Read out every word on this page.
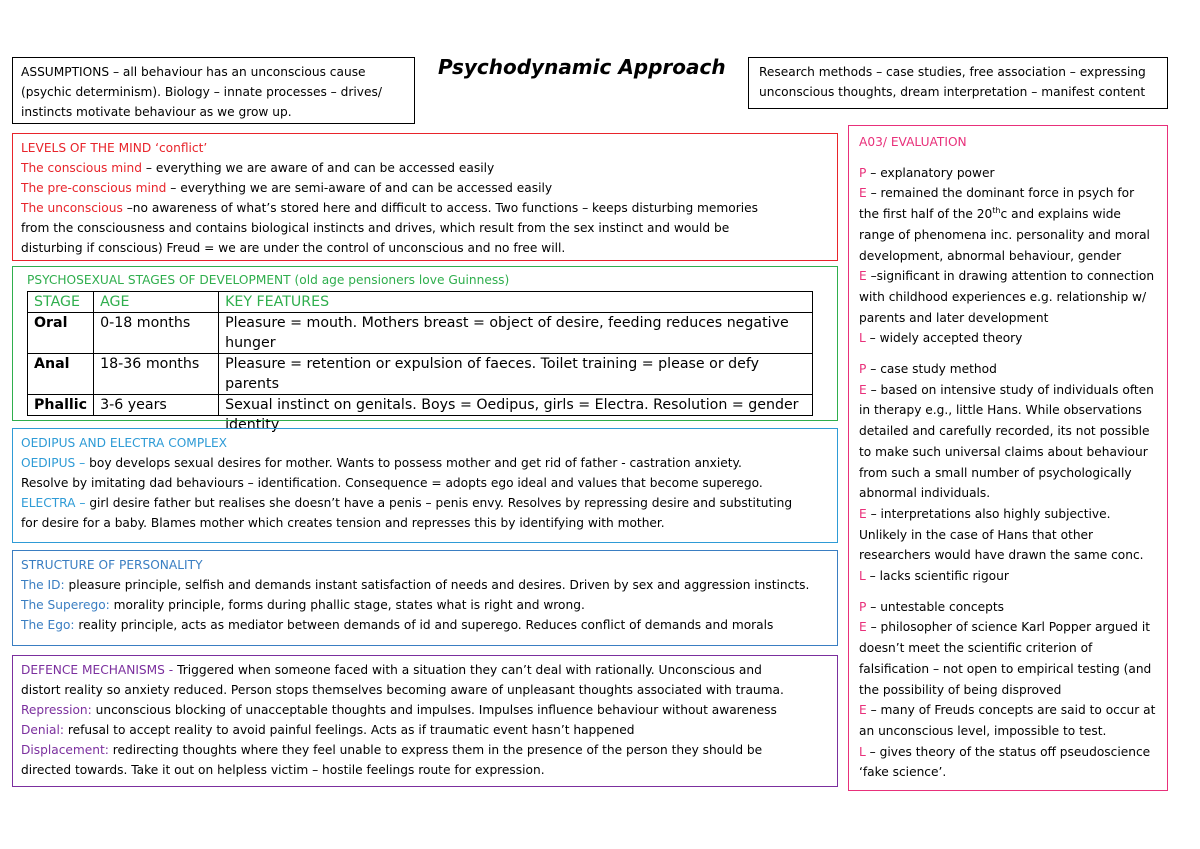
Psychodynamic Approach
ASSUMPTIONS – all behaviour has an unconscious cause
(psychic determinism). Biology – innate processes – drives/
instincts motivate behaviour as we grow up.
Research methods – case studies, free association – expressing
unconscious thoughts, dream interpretation – manifest content
LEVELS OF THE MIND ‘conflict’
The conscious mind – everything we are aware of and can be accessed easily
The pre-conscious mind – everything we are semi-aware of and can be accessed easily
The unconscious –no awareness of what’s stored here and difficult to access. Two functions – keeps disturbing memories
from the consciousness and contains biological instincts and drives, which result from the sex instinct and would be
disturbing if conscious) Freud = we are under the control of unconscious and no free will.
PSYCHOSEXUAL STAGES OF DEVELOPMENT (old age pensioners love Guinness)
STAGE	AGE	KEY FEATURES
Oral	0-18 months	Pleasure = mouth. Mothers breast = object of desire, feeding reduces negative
hunger

Anal	18-36 months	Pleasure = retention or expulsion of faeces. Toilet training = please or defy
parents

Phallic	3-6 years	Sexual instinct on genitals. Boys = Oedipus, girls = Electra. Resolution = gender
identity
OEDIPUS AND ELECTRA COMPLEX
OEDIPUS – boy develops sexual desires for mother. Wants to possess mother and get rid of father - castration anxiety.
Resolve by imitating dad behaviours – identification. Consequence = adopts ego ideal and values that become superego.
ELECTRA – girl desire father but realises she doesn’t have a penis – penis envy. Resolves by repressing desire and substituting
for desire for a baby. Blames mother which creates tension and represses this by identifying with mother.
STRUCTURE OF PERSONALITY
The ID: pleasure principle, selfish and demands instant satisfaction of needs and desires. Driven by sex and aggression instincts.
The Superego: morality principle, forms during phallic stage, states what is right and wrong.
The Ego: reality principle, acts as mediator between demands of id and superego. Reduces conflict of demands and morals
DEFENCE MECHANISMS - Triggered when someone faced with a situation they can’t deal with rationally. Unconscious and
distort reality so anxiety reduced. Person stops themselves becoming aware of unpleasant thoughts associated with trauma.
Repression: unconscious blocking of unacceptable thoughts and impulses. Impulses influence behaviour without awareness
Denial: refusal to accept reality to avoid painful feelings. Acts as if traumatic event hasn’t happened
Displacement: redirecting thoughts where they feel unable to express them in the presence of the person they should be
directed towards. Take it out on helpless victim – hostile feelings route for expression.
A03/ EVALUATION
P – explanatory power
E – remained the dominant force in psych for
the first half of the 20thc and explains wide
range of phenomena inc. personality and moral
development, abnormal behaviour, gender
E –significant in drawing attention to connection
with childhood experiences e.g. relationship w/
parents and later development
L – widely accepted theory
P – case study method
E – based on intensive study of individuals often
in therapy e.g., little Hans. While observations
detailed and carefully recorded, its not possible
to make such universal claims about behaviour
from such a small number of psychologically
abnormal individuals.
E – interpretations also highly subjective.
Unlikely in the case of Hans that other
researchers would have drawn the same conc.
L – lacks scientific rigour
P – untestable concepts
E – philosopher of science Karl Popper argued it
doesn’t meet the scientific criterion of
falsification – not open to empirical testing (and
the possibility of being disproved
E – many of Freuds concepts are said to occur at
an unconscious level, impossible to test.
L – gives theory of the status off pseudoscience
‘fake science’.
